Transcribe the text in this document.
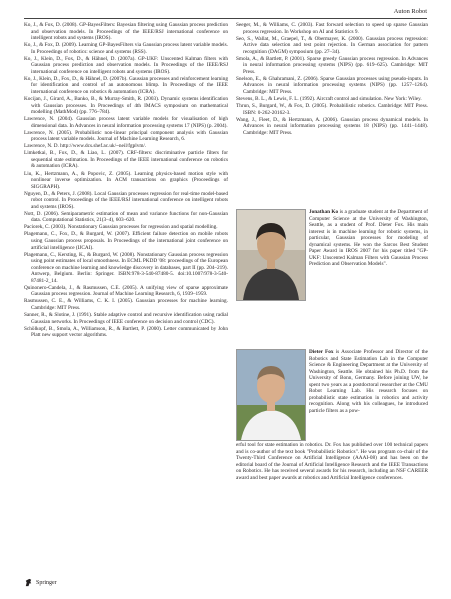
Auton Robot
Ko, J., & Fox, D. (2008). GP-BayesFilters: Bayesian filtering using Gaussian process prediction and observation models. In Proceedings of the IEEE/RSJ international conference on intelligent robots and systems (IROS).
Ko, J., & Fox, D. (2009). Learning GP-BayesFilters via Gaussian process latent variable models. In Proceedings of robotics: science and systems (RSS).
Ko, J., Klein, D., Fox, D., & Hähnel, D. (2007a). GP-UKF: Unscented Kalman filters with Gaussian process prediction and observation models. In Proceedings of the IEEE/RSJ international conference on intelligent robots and systems (IROS).
Ko, J., Klein, D., Fox, D., & Hähnel, D. (2007b). Gaussian processes and reinforcement learning for identification and control of an autonomous blimp. In Proceedings of the IEEE international conference on robotics & automation (ICRA).
Kocijan, J., Girard, A., Banko, B., & Murray-Smith, R. (2003). Dynamic systems identification with Gaussian processes. In Proceedings of 4th IMACS symposium on mathematical modelling (MathMod) (pp. 776–784).
Lawrence, N. (2004). Gaussian process latent variable models for visualisation of high dimensional data. In Advances in neural information processing systems 17 (NIPS) (p. 2004).
Lawrence, N. (2005). Probabilistic non-linear principal component analysis with Gaussian process latent variable models. Journal of Machine Learning Research, 6.
Lawrence, N. D. http://www.dcs.shef.ac.uk/~neil/fgplvm/.
Limketkai, B., Fox, D., & Liao, L. (2007). CRF-filters: discriminative particle filters for sequential state estimation. In Proceedings of the IEEE international conference on robotics & automation (ICRA).
Liu, K., Hertzmann, A., & Popovic, Z. (2005). Learning physics-based motion style with nonlinear inverse optimization. In ACM transactions on graphics (Proceedings of SIGGRAPH).
Nguyen, D., & Peters, J. (2008). Local Gaussian processes regression for real-time model-based robot control. In Proceedings of the IEEE/RSJ international conference on intelligent robots and systems (IROS).
Nott, D. (2006). Semiparametric estimation of mean and variance functions for non-Gaussian data. Computational Statistics, 21(3–4), 603–620.
Paciorek, C. (2003). Nonstationary Gaussian processes for regression and spatial modelling.
Plagemann, C., Fox, D., & Burgard, W. (2007). Efficient failure detection on mobile robots using Gaussian process proposals. In Proceedings of the international joint conference on artificial intelligence (IJCAI).
Plagemann, C., Kersting, K., & Burgard, W. (2008). Nonstationary Gaussian process regression using point estimates of local smoothness. In ECML PKDD '08: proceedings of the European conference on machine learning and knowledge discovery in databases, part II (pp. 204–219). Antwerp, Belgium. Berlin: Springer. ISBN:978-3-540-87480-5. doi:10.1007/978-3-540-87481-2_14.
Quinonero-Candela, J., & Rasmussen, C.E. (2005). A unifying view of sparse approximate Gaussian process regression. Journal of Machine Learning Research, 6, 1939–1959.
Rasmussen, C. E., & Williams, C. K. I. (2005). Gaussian processes for machine learning. Cambridge: MIT Press.
Sanner, R., & Slotine, J. (1991). Stable adaptive control and recursive identification using radial Gaussian networks. In Proceedings of IEEE conference on decision and control (CDC).
Schölkopf, B., Smola, A., Williamson, R., & Bartlett, P. (2000). Letter communicated by John Platt new support vector algorithms.
Seeger, M., & Williams, C. (2003). Fast forward selection to speed up sparse Gaussian process regression. In Workshop on AI and Statistics 9.
Seo, S., Wallat, M., Graepel, T., & Obermayer, K. (2000). Gaussian process regression: Active data selection and test point rejection. In German association for pattern recognition (DAGM) symposium (pp. 27–34).
Smola, A., & Bartlett, P. (2001). Sparse greedy Gaussian process regression. In Advances in neural information processing systems (NIPS) (pp. 619–625). Cambridge: MIT Press.
Snelson, E., & Ghahramani, Z. (2006). Sparse Gaussian processes using pseudo-inputs. In Advances in neural information processing systems (NIPS) (pp. 1257–1264). Cambridge: MIT Press.
Stevens, B. L., & Lewis, F. L. (1992). Aircraft control and simulation. New York: Wiley.
Thrun, S., Burgard, W., & Fox, D. (2005). Probabilistic robotics. Cambridge: MIT Press. ISBN: 0-262-20162-3.
Wang, J., Fleet, D., & Hertzmann, A. (2006). Gaussian process dynamical models. In Advances in neural information processing systems 18 (NIPS) (pp. 1441–1448). Cambridge: MIT Press.
Jonathan Ko is a graduate student at the Department of Computer Science at the University of Washington, Seattle, as a student of Prof. Dieter Fox. His main interest is in machine learning for robotic systems, in particular, Gaussian processes for modeling of dynamical systems. He won the Sarcos Best Student Paper Award in IROS 2007 for his paper titled "GP-UKF: Unscented Kalman Filters with Gaussian Process Prediction and Observation Models".
Dieter Fox is Associate Professor and Director of the Robotics and State Estimation Lab in the Computer Science & Engineering Department at the University of Washington, Seattle. He obtained his Ph.D. from the University of Bonn, Germany. Before joining UW, he spent two years as a postdoctoral researcher at the CMU Robot Learning Lab. His research focuses on probabilistic state estimation in robotics and activity recognition. Along with his colleagues, he introduced particle filters as a pow-
erful tool for state estimation in robotics. Dr. Fox has published over 100 technical papers and is co-author of the text book "Probabilistic Robotics". He was program co-chair of the Twenty-Third Conference on Artificial Intelligence (AAAI-08) and has been on the editorial board of the Journal of Artificial Intelligence Research and the IEEE Transactions on Robotics. He has received several awards for his research, including an NSF CAREER award and best paper awards at robotics and Artificial Intelligence conferences.
Springer
